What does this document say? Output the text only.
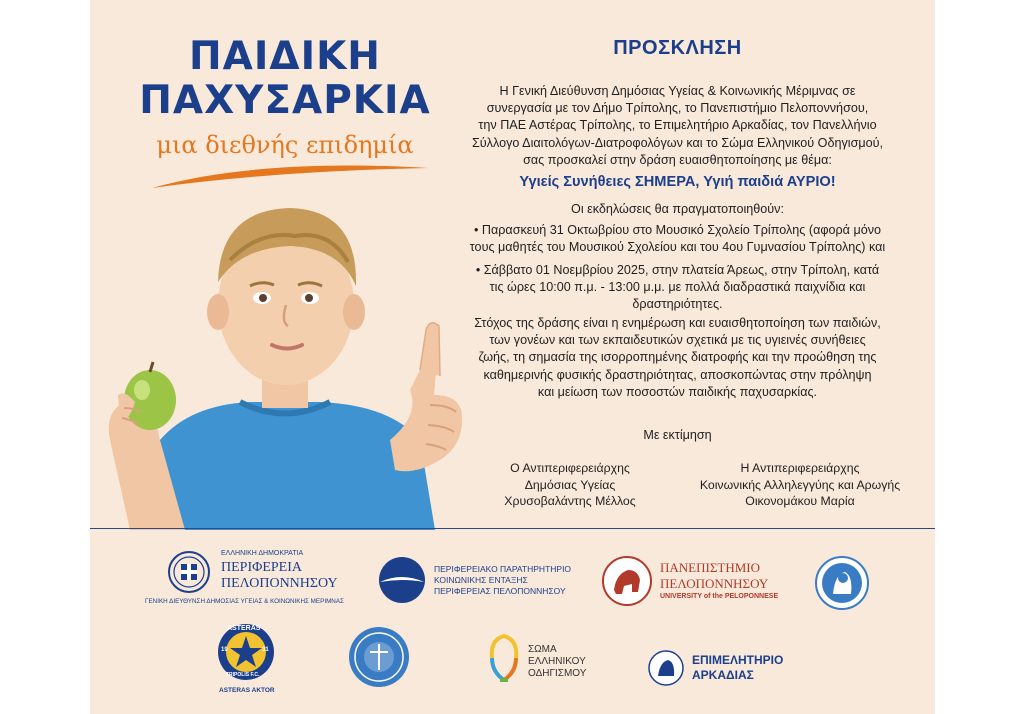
ΠΑΙΔΙΚΗ
ΠΑΧΥΣΑΡΚΙΑ
μια διεθνής επιδημία
ΠΡΟΣΚΛΗΣΗ

Η Γενική Διεύθυνση Δημόσιας Υγείας & Κοινωνικής Μέριμνας σε
συνεργασία με τον Δήμο Τρίπολης, το Πανεπιστήμιο Πελοποννήσου,
την ΠΑΕ Αστέρας Τρίπολης, το Επιμελητήριο Αρκαδίας, τον Πανελλήνιο
Σύλλογο Διαιτολόγων-Διατροφολόγων και το Σώμα Ελληνικού Οδηγισμού,
σας προσκαλεί στην δράση ευαισθητοποίησης με θέμα:

Υγιείς Συνήθειες ΣΗΜΕΡΑ, Υγιή παιδιά ΑΥΡΙΟ!

Οι εκδηλώσεις θα πραγματοποιηθούν:

• Παρασκευή 31 Οκτωβρίου στο Μουσικό Σχολείο Τρίπολης (αφορά μόνο
τους μαθητές του Μουσικού Σχολείου και του 4ου Γυμνασίου Τρίπολης) και

• Σάββατο 01 Νοεμβρίου 2025, στην πλατεία Άρεως, στην Τρίπολη, κατά
τις ώρες 10:00 π.μ. - 13:00 μ.μ. με πολλά διαδραστικά παιχνίδια και
δραστηριότητες.

Στόχος της δράσης είναι η ενημέρωση και ευαισθητοποίηση των παιδιών,
των γονέων και των εκπαιδευτικών σχετικά με τις υγιεινές συνήθειες
ζωής, τη σημασία της ισορροπημένης διατροφής και την προώθηση της
καθημερινής φυσικής δραστηριότητας, αποσκοπώντας στην πρόληψη
και μείωση των ποσοστών παιδικής παχυσαρκίας.

Με εκτίμηση
Ο Αντιπεριφερειάρχης
Δημόσιας Υγείας
Χρυσοβαλάντης Μέλλος
Η Αντιπεριφερειάρχης
Κοινωνικής Αλληλεγγύης και Αρωγής
Οικονομάκου Μαρία
ΕΛΛΗΝΙΚΗ ΔΗΜΟΚΡΑΤΙΑ
ΠΕΡΙΦΕΡΕΙΑ
ΠΕΛΟΠΟΝΝΗΣΟΥ
ΓΕΝΙΚΗ ΔΙΕΥΘΥΝΣΗ ΔΗΜΟΣΙΑΣ ΥΓΕΙΑΣ & ΚΟΙΝΩΝΙΚΗΣ ΜΕΡΙΜΝΑΣ
ΠΕΡΙΦΕΡΕΙΑΚΟ ΠΑΡΑΤΗΡΗΤΗΡΙΟ
ΚΟΙΝΩΝΙΚΗΣ ΕΝΤΑΞΗΣ
ΠΕΡΙΦΕΡΕΙΑΣ ΠΕΛΟΠΟΝΝΗΣΟΥ
ΠΑΝΕΠΙΣΤΗΜΙΟ
ΠΕΛΟΠΟΝΝΗΣΟΥ
UNIVERSITY of the PELOPONNESE
ASTERAS
19	31
TRIPOLIS F.C.
ASTERAS AKTOR
ΣΩΜΑ
ΕΛΛΗΝΙΚΟΥ
ΟΔΗΓΙΣΜΟΥ
ΕΠΙΜΕΛΗΤΗΡΙΟ
ΑΡΚΑΔΙΑΣ
